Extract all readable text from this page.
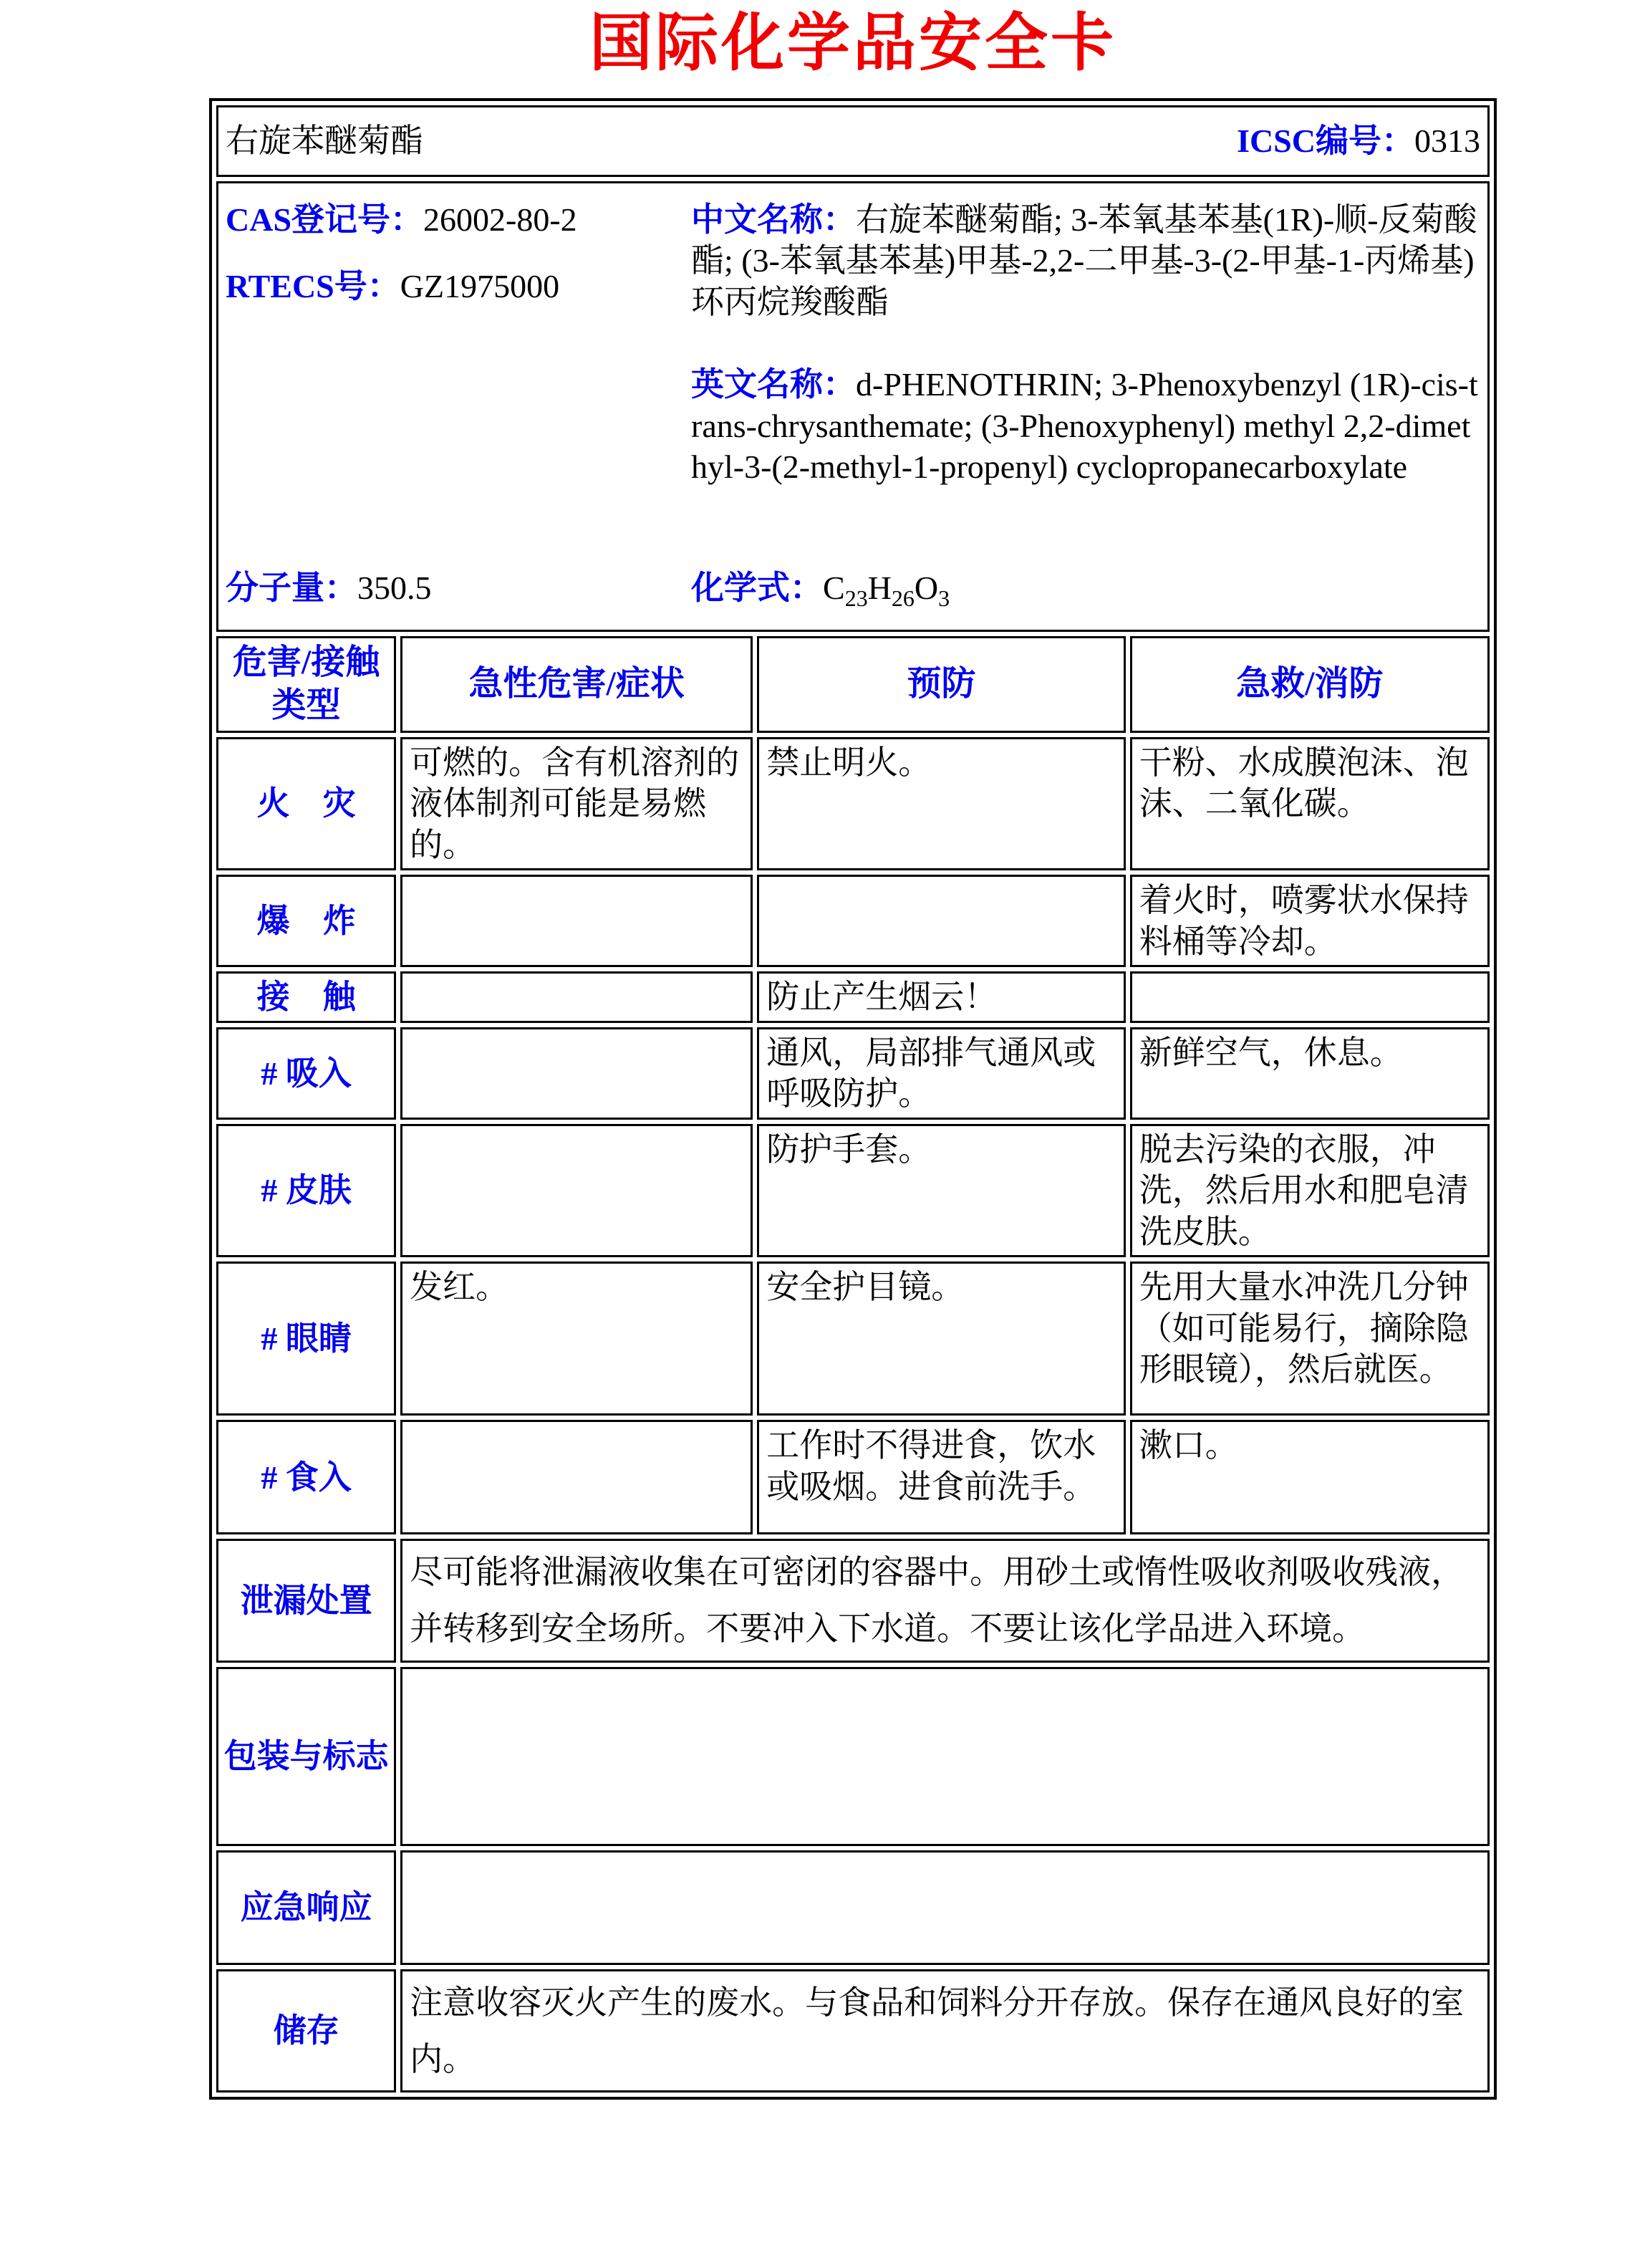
国际化学品安全卡
右旋苯醚菊酯 ICSC编号：0313			

CAS登记号：26002-80-2
RTECS号：GZ1975000
中文名称：右旋苯醚菊酯; 3-苯氧基苯基(1R)-顺-反菊酸酯; (3-苯氧基苯基)甲基-2,2-二甲基-3-(2-甲基-1-丙烯基)环丙烷羧酸酯
英文名称：d-PHENOTHRIN; 3-Phenoxybenzyl (1R)-cis-trans-chrysanthemate; (3-Phenoxyphenyl) methyl 2,2-dimethyl-3-(2-methyl-1-propenyl) cyclopropanecarboxylate
分子量：350.5	化学式：$C_{23}H_{26}O_3$

危害/接触 类型	急性危害/症状	预防	急救/消防
火　灾	可燃的。含有机溶剂的液体制剂可能是易燃的。	禁止明火。	干粉、水成膜泡沫、泡沫、二氧化碳。
爆　炸			着火时，喷雾状水保持料桶等冷却。
接　触		防止产生烟云！	
# 吸入		通风，局部排气通风或呼吸防护。	新鲜空气，休息。
# 皮肤		防护手套。	脱去污染的衣服，冲洗，然后用水和肥皂清洗皮肤。
# 眼睛	发红。	安全护目镜。	先用大量水冲洗几分钟（如可能易行，摘除隐形眼镜），然后就医。
# 食入		工作时不得进食，饮水或吸烟。进食前洗手。	漱口。
泄漏处置	尽可能将泄漏液收集在可密闭的容器中。用砂土或惰性吸收剂吸收残液，并转移到安全场所。不要冲入下水道。不要让该化学品进入环境。		
包装与标志			
应急响应			
储存	注意收容灭火产生的废水。与食品和饲料分开存放。保存在通风良好的室内。		
